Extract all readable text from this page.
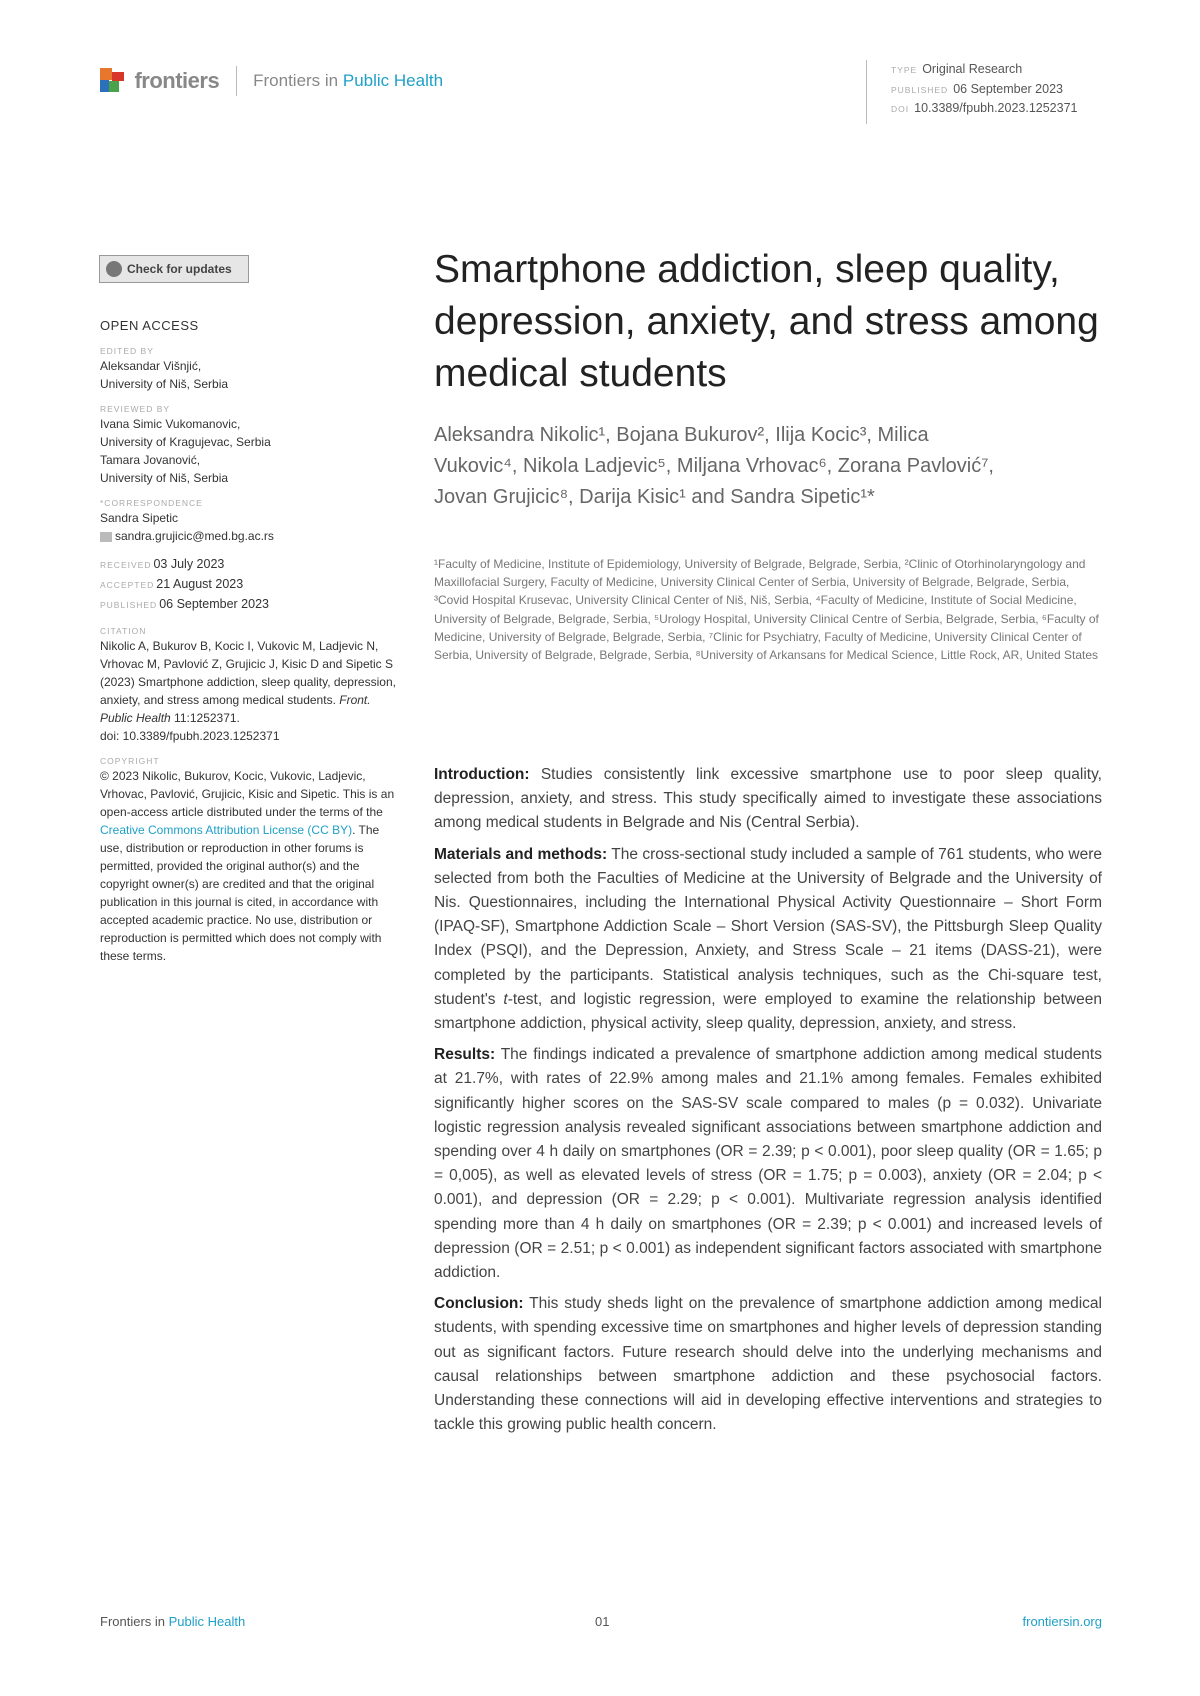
frontiers Frontiers in Public Health
TYPE Original Research
PUBLISHED 06 September 2023
DOI 10.3389/fpubh.2023.1252371
Check for updates
OPEN ACCESS
EDITED BY
Aleksandar Višnjić,
University of Niš, Serbia
REVIEWED BY
Ivana Simic Vukomanovic,
University of Kragujevac, Serbia
Tamara Jovanović,
University of Niš, Serbia
*CORRESPONDENCE
Sandra Sipetic
sandra.grujicic@med.bg.ac.rs
RECEIVED 03 July 2023
ACCEPTED 21 August 2023
PUBLISHED 06 September 2023
CITATION
Nikolic A, Bukurov B, Kocic I, Vukovic M, Ladjevic N, Vrhovac M, Pavlović Z, Grujicic J, Kisic D and Sipetic S (2023) Smartphone addiction, sleep quality, depression, anxiety, and stress among medical students. Front. Public Health 11:1252371.
doi: 10.3389/fpubh.2023.1252371
COPYRIGHT
© 2023 Nikolic, Bukurov, Kocic, Vukovic, Ladjevic, Vrhovac, Pavlović, Grujicic, Kisic and Sipetic. This is an open-access article distributed under the terms of the Creative Commons Attribution License (CC BY). The use, distribution or reproduction in other forums is permitted, provided the original author(s) and the copyright owner(s) are credited and that the original publication in this journal is cited, in accordance with accepted academic practice. No use, distribution or reproduction is permitted which does not comply with these terms.
Smartphone addiction, sleep quality, depression, anxiety, and stress among medical students
Aleksandra Nikolic¹, Bojana Bukurov², Ilija Kocic³, Milica Vukovic⁴, Nikola Ladjevic⁵, Miljana Vrhovac⁶, Zorana Pavlović⁷, Jovan Grujicic⁸, Darija Kisic¹ and Sandra Sipetic¹*
¹Faculty of Medicine, Institute of Epidemiology, University of Belgrade, Belgrade, Serbia, ²Clinic of Otorhinolaryngology and Maxillofacial Surgery, Faculty of Medicine, University Clinical Center of Serbia, University of Belgrade, Belgrade, Serbia, ³Covid Hospital Krusevac, University Clinical Center of Niš, Niš, Serbia, ⁴Faculty of Medicine, Institute of Social Medicine, University of Belgrade, Belgrade, Serbia, ⁵Urology Hospital, University Clinical Centre of Serbia, Belgrade, Serbia, ⁶Faculty of Medicine, University of Belgrade, Belgrade, Serbia, ⁷Clinic for Psychiatry, Faculty of Medicine, University Clinical Center of Serbia, University of Belgrade, Belgrade, Serbia, ⁸University of Arkansans for Medical Science, Little Rock, AR, United States

Introduction: Studies consistently link excessive smartphone use to poor sleep quality, depression, anxiety, and stress. This study specifically aimed to investigate these associations among medical students in Belgrade and Nis (Central Serbia).

Materials and methods: The cross-sectional study included a sample of 761 students, who were selected from both the Faculties of Medicine at the University of Belgrade and the University of Nis. Questionnaires, including the International Physical Activity Questionnaire – Short Form (IPAQ-SF), Smartphone Addiction Scale – Short Version (SAS-SV), the Pittsburgh Sleep Quality Index (PSQI), and the Depression, Anxiety, and Stress Scale – 21 items (DASS-21), were completed by the participants. Statistical analysis techniques, such as the Chi-square test, student's t-test, and logistic regression, were employed to examine the relationship between smartphone addiction, physical activity, sleep quality, depression, anxiety, and stress.

Results: The findings indicated a prevalence of smartphone addiction among medical students at 21.7%, with rates of 22.9% among males and 21.1% among females. Females exhibited significantly higher scores on the SAS-SV scale compared to males (p = 0.032). Univariate logistic regression analysis revealed significant associations between smartphone addiction and spending over 4 h daily on smartphones (OR = 2.39; p < 0.001), poor sleep quality (OR = 1.65; p = 0,005), as well as elevated levels of stress (OR = 1.75; p = 0.003), anxiety (OR = 2.04; p < 0.001), and depression (OR = 2.29; p < 0.001). Multivariate regression analysis identified spending more than 4 h daily on smartphones (OR = 2.39; p < 0.001) and increased levels of depression (OR = 2.51; p < 0.001) as independent significant factors associated with smartphone addiction.

Conclusion: This study sheds light on the prevalence of smartphone addiction among medical students, with spending excessive time on smartphones and higher levels of depression standing out as significant factors. Future research should delve into the underlying mechanisms and causal relationships between smartphone addiction and these psychosocial factors. Understanding these connections will aid in developing effective interventions and strategies to tackle this growing public health concern.

Frontiers in Public Health	01	frontiersin.org
